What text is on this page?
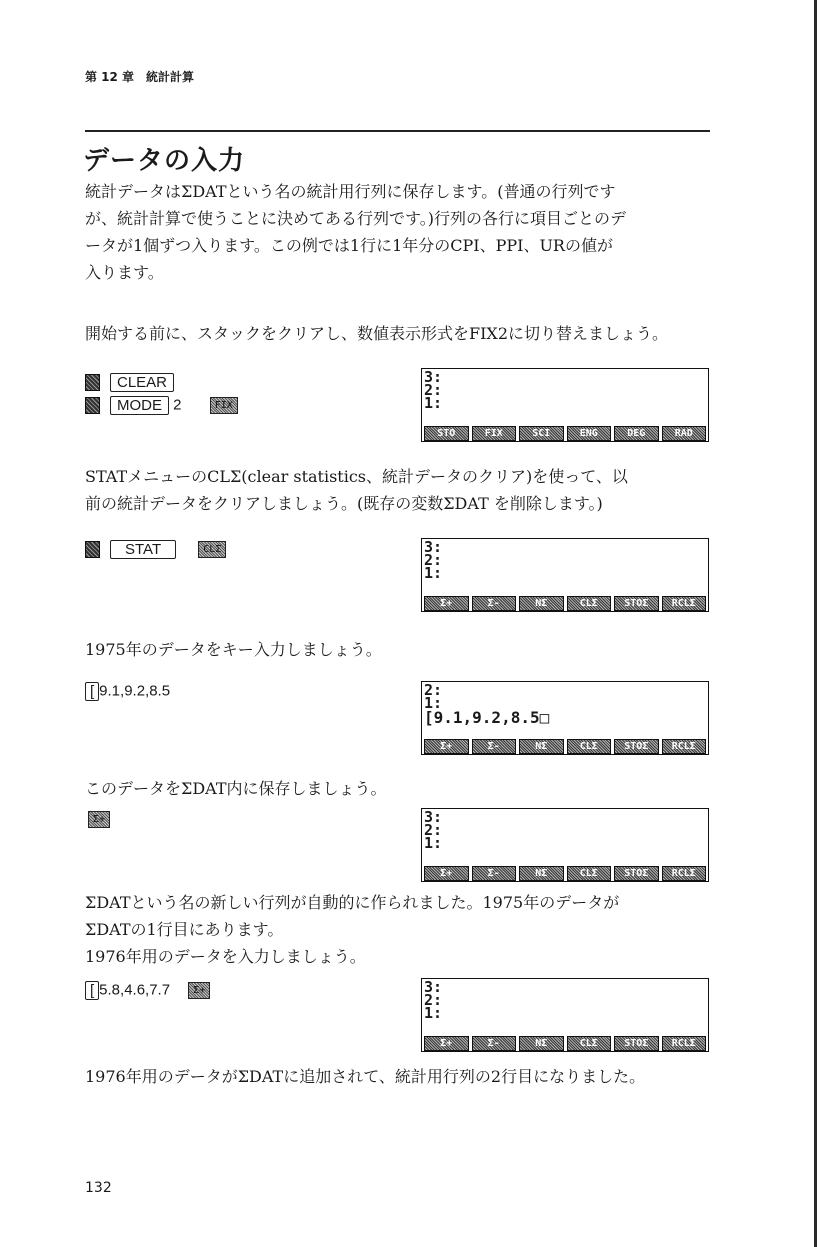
第 12 章　統計計算
データの入力
統計データはΣDATという名の統計用行列に保存します。(普通の行列です
が、統計計算で使うことに決めてある行列です。)行列の各行に項目ごとのデ
ータが1個ずつ入ります。この例では1行に1年分のCPI、PPI、URの値が
入ります。
開始する前に、スタックをクリアし、数値表示形式をFIX2に切り替えましょう。
CLEAR
MODE 2	FIX
3:
2:
1:
STO	FIX	SCI	ENG	DEG	RAD
STATメニューのCLΣ(clear statistics、統計データのクリア)を使って、以
前の統計データをクリアしましょう。(既存の変数ΣDAT を削除します。)
STAT	CLΣ	3:
2:
1:
Σ+	Σ-	NΣ	CLΣ	STOΣ	RCLΣ
1975年のデータをキー入力しましょう。
[ 9.1,9.2,8.5	2:
1:
[9.1,9.2,8.5□
Σ+	Σ-	NΣ	CLΣ	STOΣ	RCLΣ
このデータをΣDAT内に保存しましょう。
Σ+	3:
2:
1:
Σ+	Σ-	NΣ	CLΣ	STOΣ	RCLΣ
ΣDATという名の新しい行列が自動的に作られました。1975年のデータが
ΣDATの1行目にあります。
1976年用のデータを入力しましょう。
[ 5.8,4.6,7.7 Σ+	3:
2:
1:
Σ+	Σ-	NΣ	CLΣ	STOΣ	RCLΣ
1976年用のデータがΣDATに追加されて、統計用行列の2行目になりました。
132
